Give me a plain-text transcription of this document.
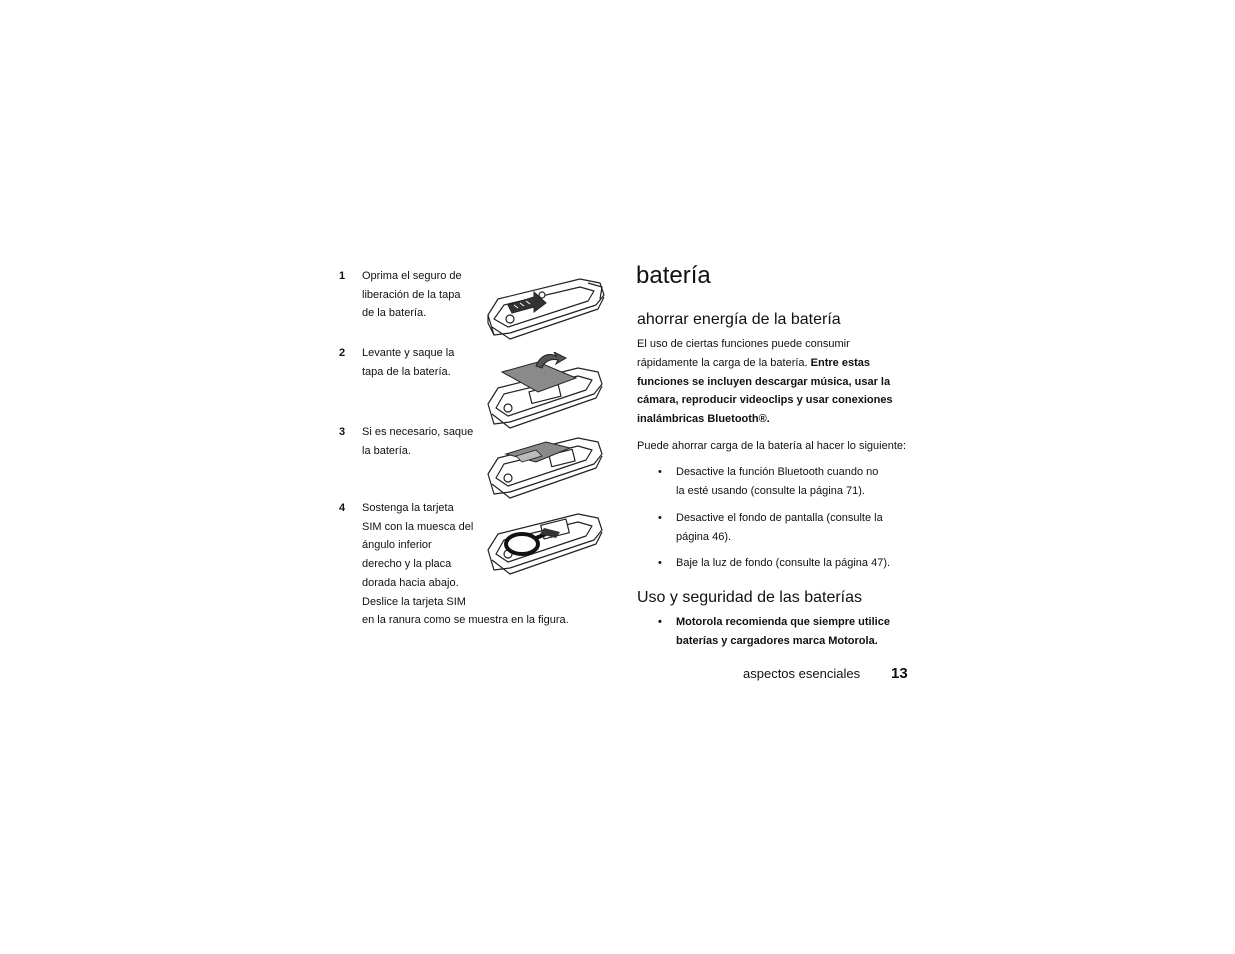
1 Oprima el seguro de
liberación de la tapa
de la batería.
2 Levante y saque la
tapa de la batería.
3 Si es necesario, saque
la batería.
4 Sostenga la tarjeta
SIM con la muesca del
ángulo inferior
derecho y la placa
dorada hacia abajo.
Deslice la tarjeta SIM
en la ranura como se muestra en la figura.
batería
ahorrar energía de la batería
El uso de ciertas funciones puede consumir
rápidamente la carga de la batería. Entre estas
funciones se incluyen descargar música, usar la
cámara, reproducir videoclips y usar conexiones
inalámbricas Bluetooth®.
Puede ahorrar carga de la batería al hacer lo siguiente:
• Desactive la función Bluetooth cuando no
la esté usando (consulte la página 71).
• Desactive el fondo de pantalla (consulte la
página 46).
• Baje la luz de fondo (consulte la página 47).
Uso y seguridad de las baterías
• Motorola recomienda que siempre utilice
baterías y cargadores marca Motorola.
aspectos esenciales 13
